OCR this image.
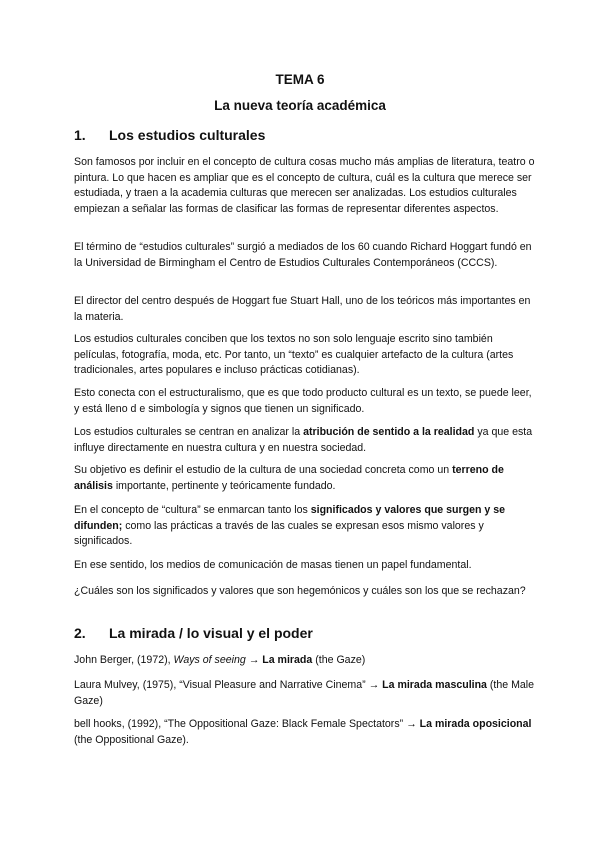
TEMA 6
La nueva teoría académica
1. Los estudios culturales

Son famosos por incluir en el concepto de cultura cosas mucho más amplias de literatura, teatro o pintura. Lo que hacen es ampliar que es el concepto de cultura, cuál es la cultura que merece ser estudiada, y traen a la academia culturas que merecen ser analizadas. Los estudios culturales empiezan a señalar las formas de clasificar las formas de representar diferentes aspectos.

El término de “estudios culturales” surgió a mediados de los 60 cuando Richard Hoggart fundó en la Universidad de Birmingham el Centro de Estudios Culturales Contemporáneos (CCCS).

El director del centro después de Hoggart fue Stuart Hall, uno de los teóricos más importantes en la materia.

Los estudios culturales conciben que los textos no son solo lenguaje escrito sino también películas, fotografía, moda, etc. Por tanto, un “texto” es cualquier artefacto de la cultura (artes tradicionales, artes populares e incluso prácticas cotidianas).

Esto conecta con el estructuralismo, que es que todo producto cultural es un texto, se puede leer, y está lleno d e simbología y signos que tienen un significado.

Los estudios culturales se centran en analizar la atribución de sentido a la realidad ya que esta influye directamente en nuestra cultura y en nuestra sociedad.

Su objetivo es definir el estudio de la cultura de una sociedad concreta como un terreno de análisis importante, pertinente y teóricamente fundado.

En el concepto de “cultura” se enmarcan tanto los significados y valores que surgen y se difunden; como las prácticas a través de las cuales se expresan esos mismo valores y significados.

En ese sentido, los medios de comunicación de masas tienen un papel fundamental.

¿Cuáles son los significados y valores que son hegemónicos y cuáles son los que se rechazan?

2. La mirada / lo visual y el poder

John Berger, (1972), Ways of seeing → La mirada (the Gaze)

Laura Mulvey, (1975), “Visual Pleasure and Narrative Cinema” → La mirada masculina (the Male Gaze)

bell hooks, (1992), “The Oppositional Gaze: Black Female Spectators” → La mirada oposicional (the Oppositional Gaze).
